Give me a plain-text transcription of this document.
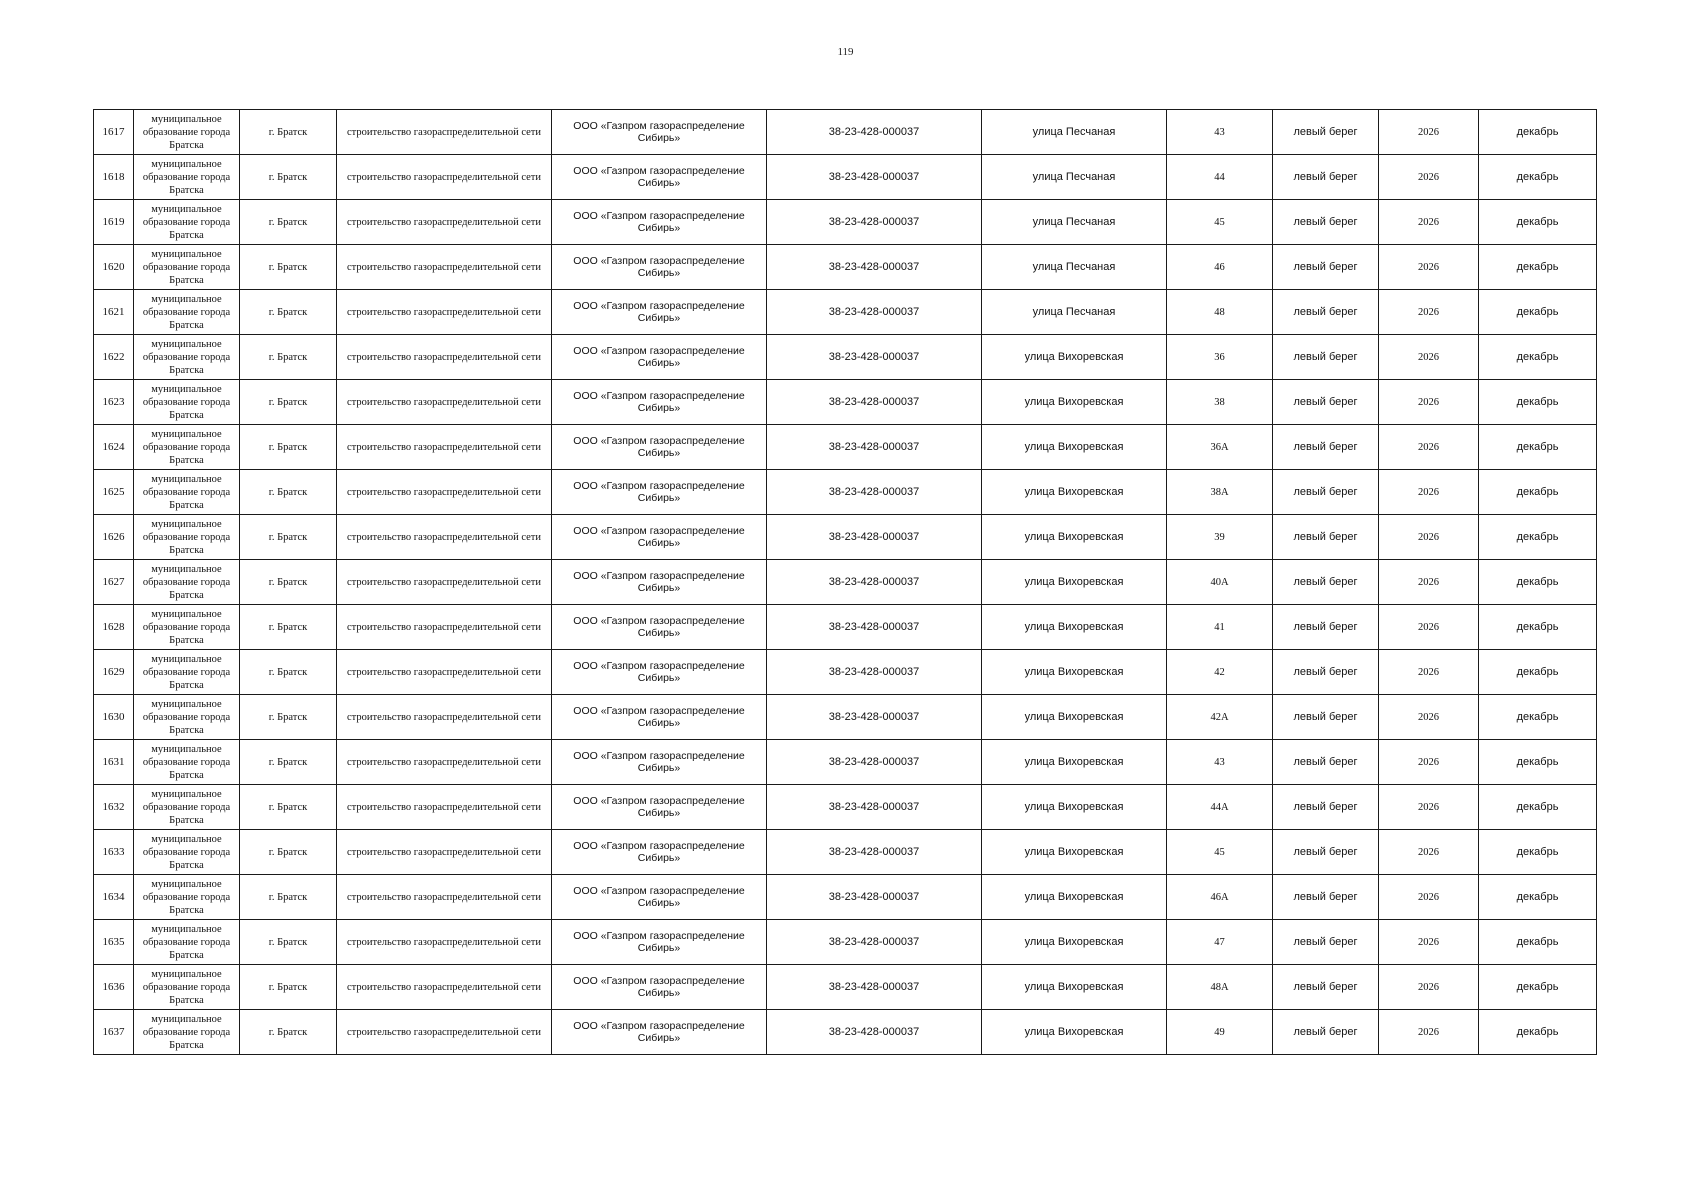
119
1617	муниципальное образование города Братска	г. Братск	строительство газораспределительной сети	ООО «Газпром газораспределение Сибирь»	38-23-428-000037	улица Песчаная	43	левый берег	2026	декабрь
1618	муниципальное образование города Братска	г. Братск	строительство газораспределительной сети	ООО «Газпром газораспределение Сибирь»	38-23-428-000037	улица Песчаная	44	левый берег	2026	декабрь
1619	муниципальное образование города Братска	г. Братск	строительство газораспределительной сети	ООО «Газпром газораспределение Сибирь»	38-23-428-000037	улица Песчаная	45	левый берег	2026	декабрь
1620	муниципальное образование города Братска	г. Братск	строительство газораспределительной сети	ООО «Газпром газораспределение Сибирь»	38-23-428-000037	улица Песчаная	46	левый берег	2026	декабрь
1621	муниципальное образование города Братска	г. Братск	строительство газораспределительной сети	ООО «Газпром газораспределение Сибирь»	38-23-428-000037	улица Песчаная	48	левый берег	2026	декабрь
1622	муниципальное образование города Братска	г. Братск	строительство газораспределительной сети	ООО «Газпром газораспределение Сибирь»	38-23-428-000037	улица Вихоревская	36	левый берег	2026	декабрь
1623	муниципальное образование города Братска	г. Братск	строительство газораспределительной сети	ООО «Газпром газораспределение Сибирь»	38-23-428-000037	улица Вихоревская	38	левый берег	2026	декабрь
1624	муниципальное образование города Братска	г. Братск	строительство газораспределительной сети	ООО «Газпром газораспределение Сибирь»	38-23-428-000037	улица Вихоревская	36А	левый берег	2026	декабрь
1625	муниципальное образование города Братска	г. Братск	строительство газораспределительной сети	ООО «Газпром газораспределение Сибирь»	38-23-428-000037	улица Вихоревская	38А	левый берег	2026	декабрь
1626	муниципальное образование города Братска	г. Братск	строительство газораспределительной сети	ООО «Газпром газораспределение Сибирь»	38-23-428-000037	улица Вихоревская	39	левый берег	2026	декабрь
1627	муниципальное образование города Братска	г. Братск	строительство газораспределительной сети	ООО «Газпром газораспределение Сибирь»	38-23-428-000037	улица Вихоревская	40А	левый берег	2026	декабрь
1628	муниципальное образование города Братска	г. Братск	строительство газораспределительной сети	ООО «Газпром газораспределение Сибирь»	38-23-428-000037	улица Вихоревская	41	левый берег	2026	декабрь
1629	муниципальное образование города Братска	г. Братск	строительство газораспределительной сети	ООО «Газпром газораспределение Сибирь»	38-23-428-000037	улица Вихоревская	42	левый берег	2026	декабрь
1630	муниципальное образование города Братска	г. Братск	строительство газораспределительной сети	ООО «Газпром газораспределение Сибирь»	38-23-428-000037	улица Вихоревская	42А	левый берег	2026	декабрь
1631	муниципальное образование города Братска	г. Братск	строительство газораспределительной сети	ООО «Газпром газораспределение Сибирь»	38-23-428-000037	улица Вихоревская	43	левый берег	2026	декабрь
1632	муниципальное образование города Братска	г. Братск	строительство газораспределительной сети	ООО «Газпром газораспределение Сибирь»	38-23-428-000037	улица Вихоревская	44А	левый берег	2026	декабрь
1633	муниципальное образование города Братска	г. Братск	строительство газораспределительной сети	ООО «Газпром газораспределение Сибирь»	38-23-428-000037	улица Вихоревская	45	левый берег	2026	декабрь
1634	муниципальное образование города Братска	г. Братск	строительство газораспределительной сети	ООО «Газпром газораспределение Сибирь»	38-23-428-000037	улица Вихоревская	46А	левый берег	2026	декабрь
1635	муниципальное образование города Братска	г. Братск	строительство газораспределительной сети	ООО «Газпром газораспределение Сибирь»	38-23-428-000037	улица Вихоревская	47	левый берег	2026	декабрь
1636	муниципальное образование города Братска	г. Братск	строительство газораспределительной сети	ООО «Газпром газораспределение Сибирь»	38-23-428-000037	улица Вихоревская	48А	левый берег	2026	декабрь
1637	муниципальное образование города Братска	г. Братск	строительство газораспределительной сети	ООО «Газпром газораспределение Сибирь»	38-23-428-000037	улица Вихоревская	49	левый берег	2026	декабрь
